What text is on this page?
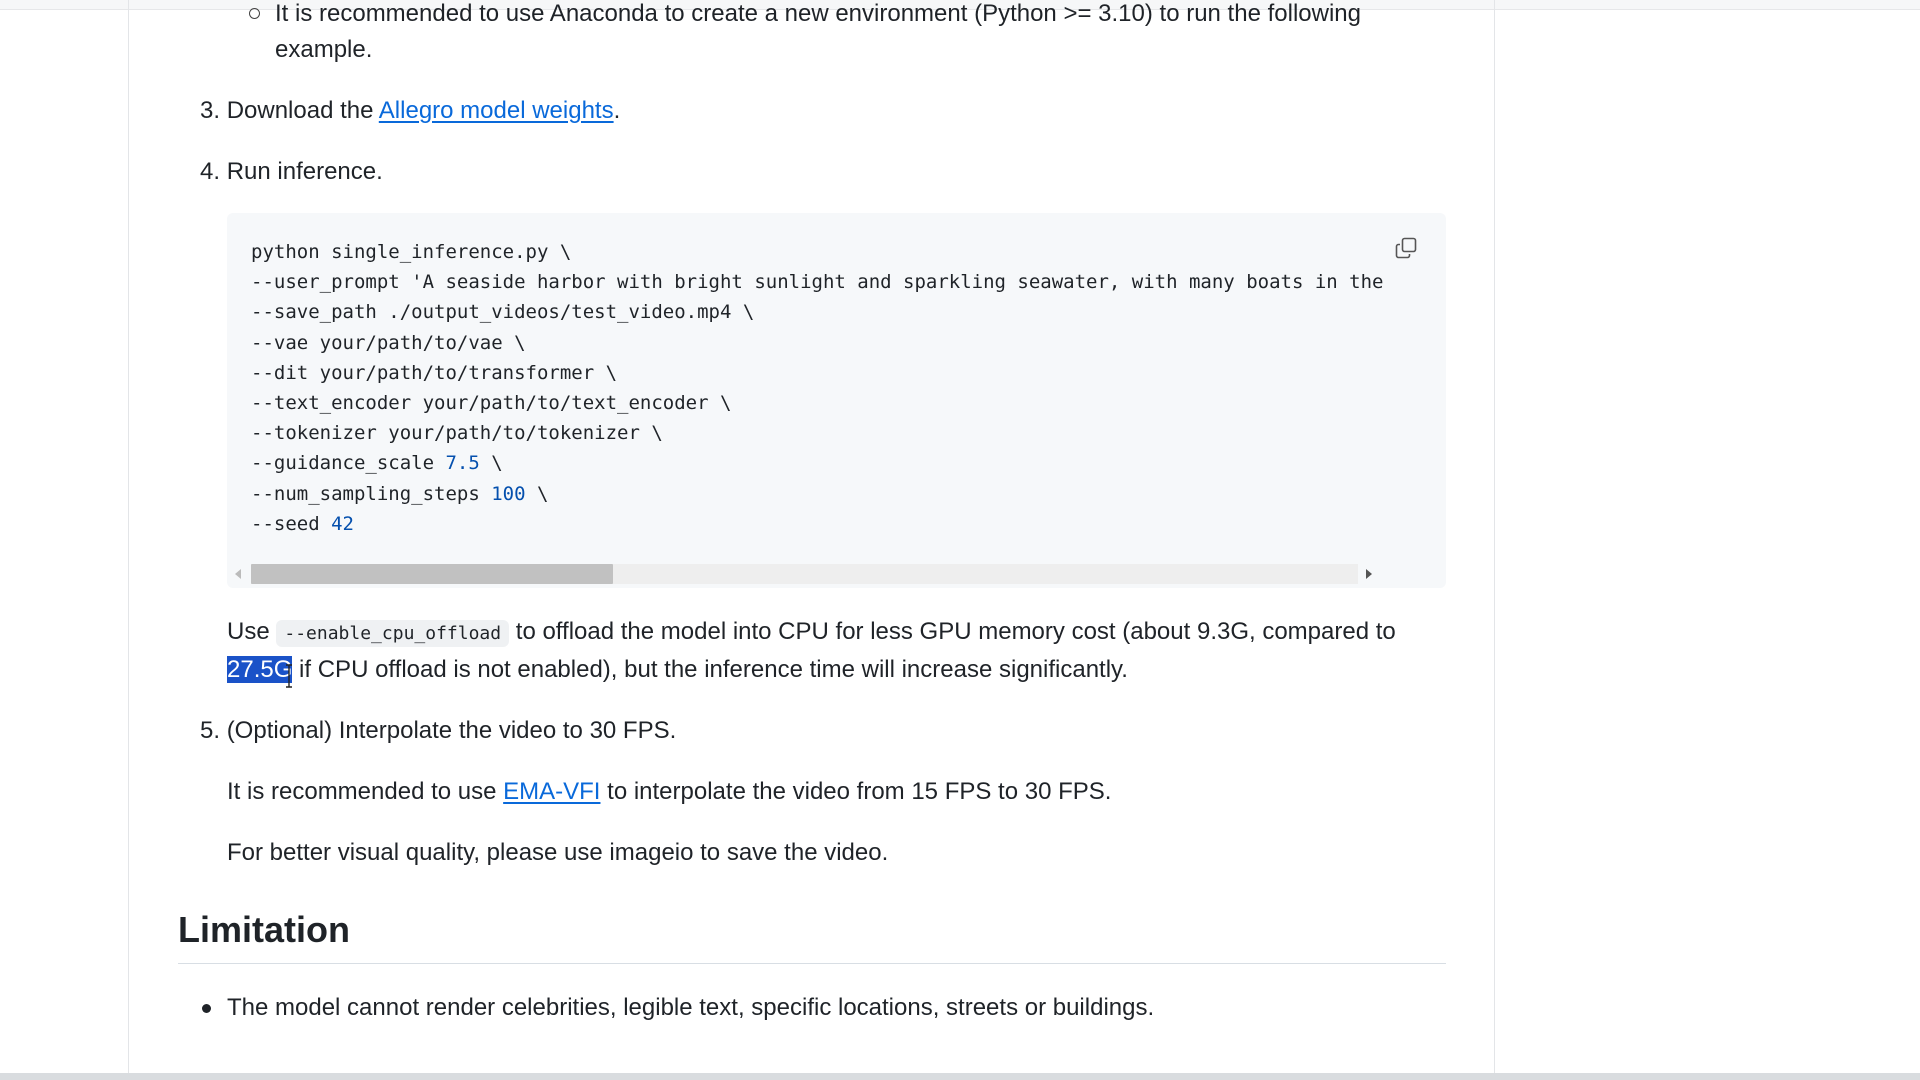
It is recommended to use Anaconda to create a new environment (Python >= 3.10) to run the following
example.
3. Download the Allegro model weights.
4. Run inference.
python single_inference.py \
--user_prompt 'A seaside harbor with bright sunlight and sparkling seawater, with many boats in the
--save_path ./output_videos/test_video.mp4 \
--vae your/path/to/vae \
--dit your/path/to/transformer \
--text_encoder your/path/to/text_encoder \
--tokenizer your/path/to/tokenizer \
--guidance_scale 7.5 \
--num_sampling_steps 100 \
--seed 42
Use --enable_cpu_offload to offload the model into CPU for less GPU memory cost (about 9.3G, compared to
27.5G if CPU offload is not enabled), but the inference time will increase significantly.
5. (Optional) Interpolate the video to 30 FPS.
It is recommended to use EMA-VFI to interpolate the video from 15 FPS to 30 FPS.
For better visual quality, please use imageio to save the video.
Limitation
The model cannot render celebrities, legible text, specific locations, streets or buildings.
